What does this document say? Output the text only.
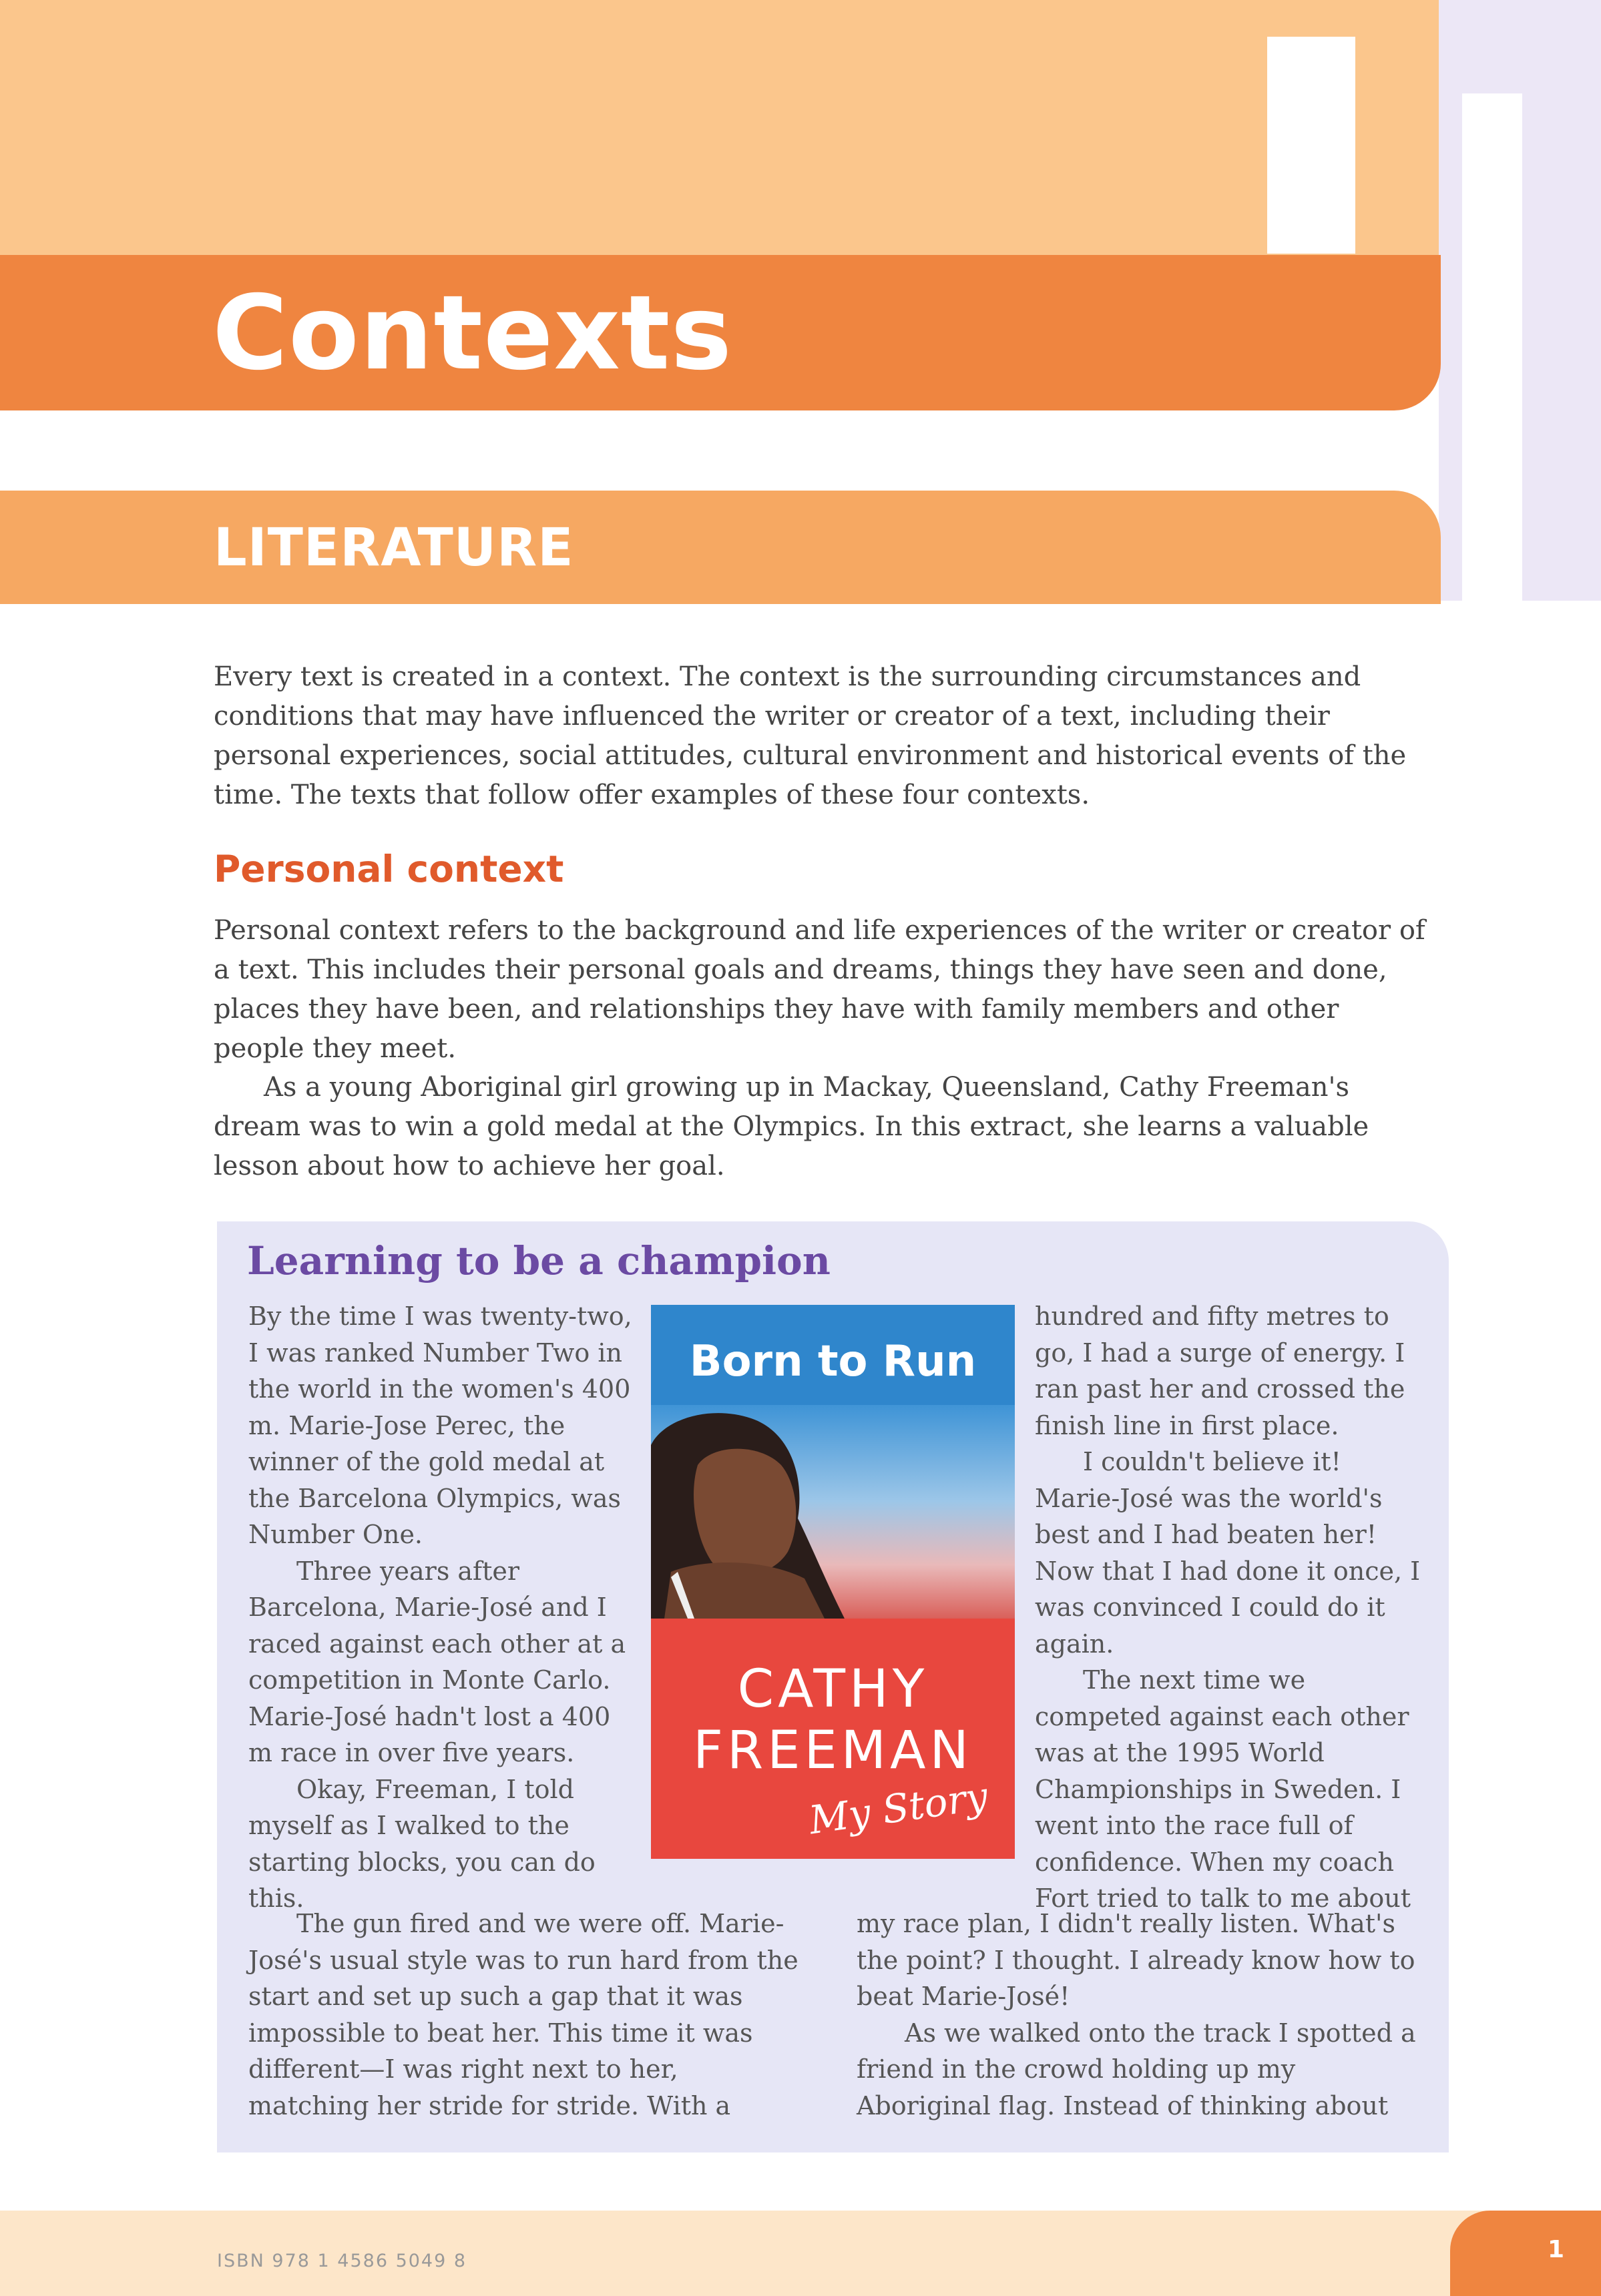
Contexts
LITERATURE

Every text is created in a context. The context is the surrounding circumstances and conditions that may have influenced the writer or creator of a text, including their personal experiences, social attitudes, cultural environment and historical events of the time. The texts that follow offer examples of these four contexts.

Personal context

Personal context refers to the background and life experiences of the writer or creator of a text. This includes their personal goals and dreams, things they have seen and done, places they have been, and relationships they have with family members and other people they meet.

As a young Aboriginal girl growing up in Mackay, Queensland, Cathy Freeman's dream was to win a gold medal at the Olympics. In this extract, she learns a valuable lesson about how to achieve her goal.

Learning to be a champion

By the time I was twenty-two, I was ranked Number Two in the world in the women's 400 m. Marie-Jose Perec, the winner of the gold medal at the Barcelona Olympics, was Number One.

Three years after Barcelona, Marie-José and I raced against each other at a competition in Monte Carlo. Marie-José hadn't lost a 400 m race in over five years.

Okay, Freeman, I told myself as I walked to the starting blocks, you can do this.

The gun fired and we were off. Marie-José's usual style was to run hard from the start and set up such a gap that it was impossible to beat her. This time it was different—I was right next to her, matching her stride for stride. With a

hundred and fifty metres to go, I had a surge of energy. I ran past her and crossed the finish line in first place.

I couldn't believe it! Marie-José was the world's best and I had beaten her! Now that I had done it once, I was convinced I could do it again.

The next time we competed against each other was at the 1995 World Championships in Sweden. I went into the race full of confidence. When my coach Fort tried to talk to me about

my race plan, I didn't really listen. What's the point? I thought. I already know how to beat Marie-José!

As we walked onto the track I spotted a friend in the crowd holding up my Aboriginal flag. Instead of thinking about

Born to Run
CATHY
FREEMAN
My Story
ISBN 978 1 4586 5049 8	1
